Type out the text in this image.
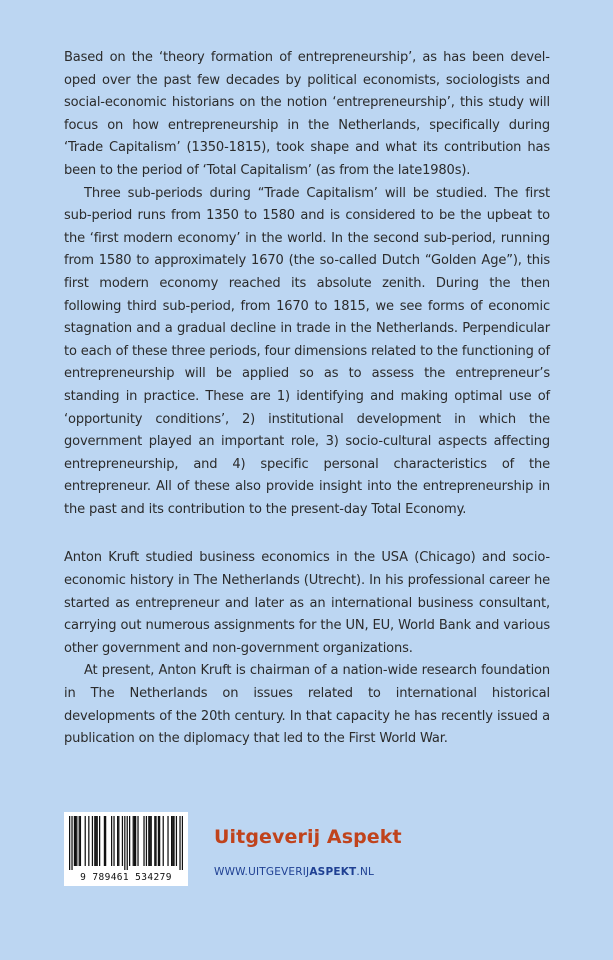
Based on the ‘theory formation of entrepreneurship’, as has been developed over the past few decades by political economists, sociologists and social-economic historians on the notion ‘entrepreneurship’, this study will focus on how entrepreneurship in the Netherlands, specifically during ‘Trade Capitalism’ (1350-1815), took shape and what its contribution has been to the period of ‘Total Capitalism’ (as from the late1980s).

Three sub-periods during “Trade Capitalism’ will be studied. The first sub-period runs from 1350 to 1580 and is considered to be the upbeat to the ‘first modern economy’ in the world. In the second sub-period, running from 1580 to approximately 1670 (the so-called Dutch “Golden Age”), this first modern economy reached its absolute zenith. During the then following third sub-period, from 1670 to 1815, we see forms of economic stagnation and a gradual decline in trade in the Netherlands. Perpendicular to each of these three periods, four dimensions related to the functioning of entrepreneurship will be applied so as to assess the entrepreneur’s standing in practice. These are 1) identifying and making optimal use of ‘opportunity conditions’, 2) institutional development in which the government played an important role, 3) socio-cultural aspects affecting entrepreneurship, and 4) specific personal characteristics of the entrepreneur. All of these also provide insight into the entrepreneurship in the past and its contribution to the present-day Total Economy.

Anton Kruft studied business economics in the USA (Chicago) and socio-economic history in The Netherlands (Utrecht). In his professional career he started as entrepreneur and later as an international business consultant, carrying out numerous assignments for the UN, EU, World Bank and various other government and non-government organizations.

At present, Anton Kruft is chairman of a nation-wide research foundation in The Netherlands on issues related to international historical developments of the 20th century. In that capacity he has recently issued a publication on the diplomacy that led to the First World War.

9 789461 534279
Uitgeverij Aspekt
WWW.UITGEVERIJASPEKT.NL
